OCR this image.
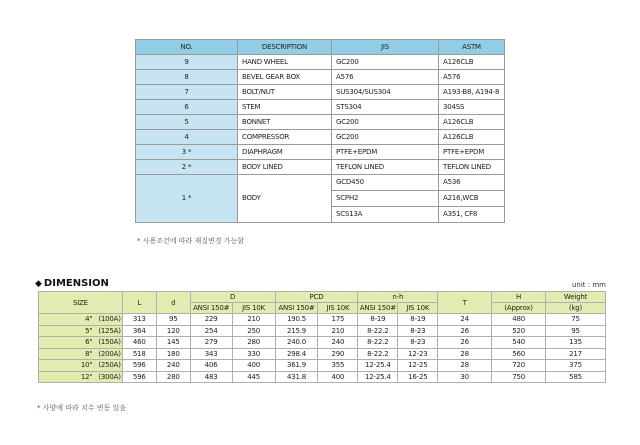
NO.	DESCRIPTION	JIS	ASTM
9	HAND WHEEL	GC200	A126CLB
8	BEVEL GEAR BOX	A576	A576
7	BOLT/NUT	SUS304/SUS304	A193-B8, A194-8
6	STEM	STS304	304SS
5	BONNET	GC200	A126CLB
4	COMPRESSOR	GC200	A126CLB
3 *	DIAPHRAGM	PTFE+EPDM	PTFE+EPDM
2 *	BODY LINED	TEFLON LINED	TEFLON LINED
1 *	BODY	GCD450	A536
		SCPH2	A216,WCB
		SCS13A	A351, CF8
* 사용조건에 따라 재질변경 가능함
◆ DIMENSION	unit : mm
SIZE		L	d	D		PCD		n-h		T	H	Weight
				ANSI 150#	JIS 10K	ANSI 150#	JIS 10K	ANSI 150#	JIS 10K		(Approx)	(kg)
4"	(100A)	313	95	229	210	190.5	175	8-19	8-19	24	480	75
5"	(125A)	364	120	254	250	215.9	210	8-22.2	8-23	26	520	95
6"	(150A)	460	145	279	280	240.0	240	8-22.2	8-23	26	540	135
8"	(200A)	518	180	343	330	298.4	290	8-22.2	12-23	28	560	217
10"	(250A)	596	240	406	400	361.9	355	12-25.4	12-25	28	720	375
12"	(300A)	596	280	483	445	431.8	400	12-25.4	16-25	30	750	585
* 사양에 따라 치수 변동 있음
